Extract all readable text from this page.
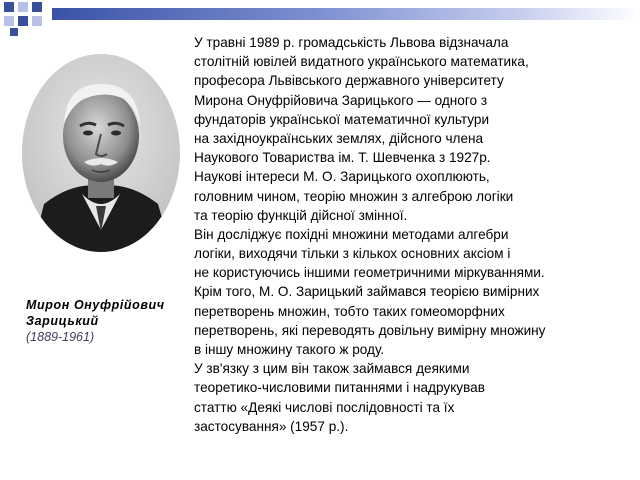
Мирон Онуфрійович
Зарицький
(1889-1961)
У травні 1989 р. громадськість Львова відзначала
столітній ювілей видатного українського математика,
професора Львівського державного університету
Мирона Онуфрійовича Зарицького — одного з
фундаторів української математичної культури
на західноукраїнських землях, дійсного члена
Наукового Товариства ім. Т. Шевченка з 1927р.
Наукові інтереси М. О. Зарицького охоплюють,
головним чином, теорію множин з алгеброю логіки
та теорію функцій дійсної змінної.
Він досліджує похідні множини методами алгебри
логіки, виходячи тільки з кількох основних аксіом і
не користуючись іншими геометричними міркуваннями.
Крім того, М. О. Зарицький займався теорією вимірних
перетворень множин, тобто таких гомеоморфних
перетворень, які переводять довільну вимірну множину
в іншу множину такого ж роду.
У зв'язку з цим він також займався деякими
теоретико-числовими питаннями і надрукував
статтю «Деякі числові послідовності та їх
застосування» (1957 р.).
